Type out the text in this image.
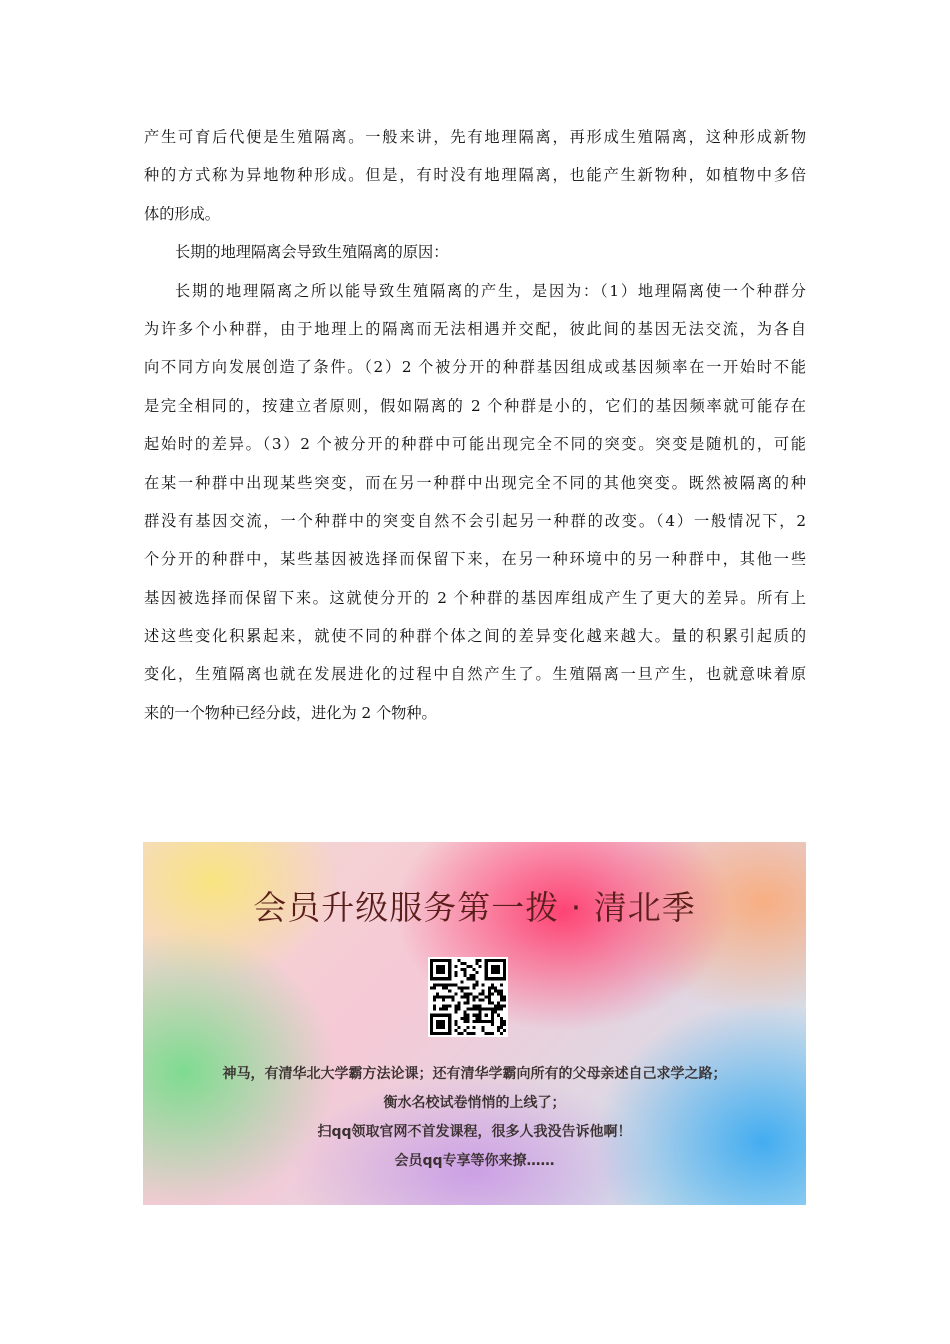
产生可育后代便是生殖隔离。一般来讲，先有地理隔离，再形成生殖隔离，这种形成新物
种的方式称为异地物种形成。但是，有时没有地理隔离，也能产生新物种，如植物中多倍
体的形成。
长期的地理隔离会导致生殖隔离的原因：
长期的地理隔离之所以能导致生殖隔离的产生，是因为：（1）地理隔离使一个种群分
为许多个小种群，由于地理上的隔离而无法相遇并交配，彼此间的基因无法交流，为各自
向不同方向发展创造了条件。（2）2 个被分开的种群基因组成或基因频率在一开始时不能
是完全相同的，按建立者原则，假如隔离的 2 个种群是小的，它们的基因频率就可能存在
起始时的差异。（3）2 个被分开的种群中可能出现完全不同的突变。突变是随机的，可能
在某一种群中出现某些突变，而在另一种群中出现完全不同的其他突变。既然被隔离的种
群没有基因交流，一个种群中的突变自然不会引起另一种群的改变。（4）一般情况下，2
个分开的种群中，某些基因被选择而保留下来，在另一种环境中的另一种群中，其他一些
基因被选择而保留下来。这就使分开的 2 个种群的基因库组成产生了更大的差异。所有上
述这些变化积累起来，就使不同的种群个体之间的差异变化越来越大。量的积累引起质的
变化，生殖隔离也就在发展进化的过程中自然产生了。生殖隔离一旦产生，也就意味着原
来的一个物种已经分歧，进化为 2 个物种。
会员升级服务第一拨 · 清北季
神马，有清华北大学霸方法论课；还有清华学霸向所有的父母亲述自己求学之路；
衡水名校试卷悄悄的上线了；
扫qq领取官网不首发课程，很多人我没告诉他啊！
会员qq专享等你来撩……
